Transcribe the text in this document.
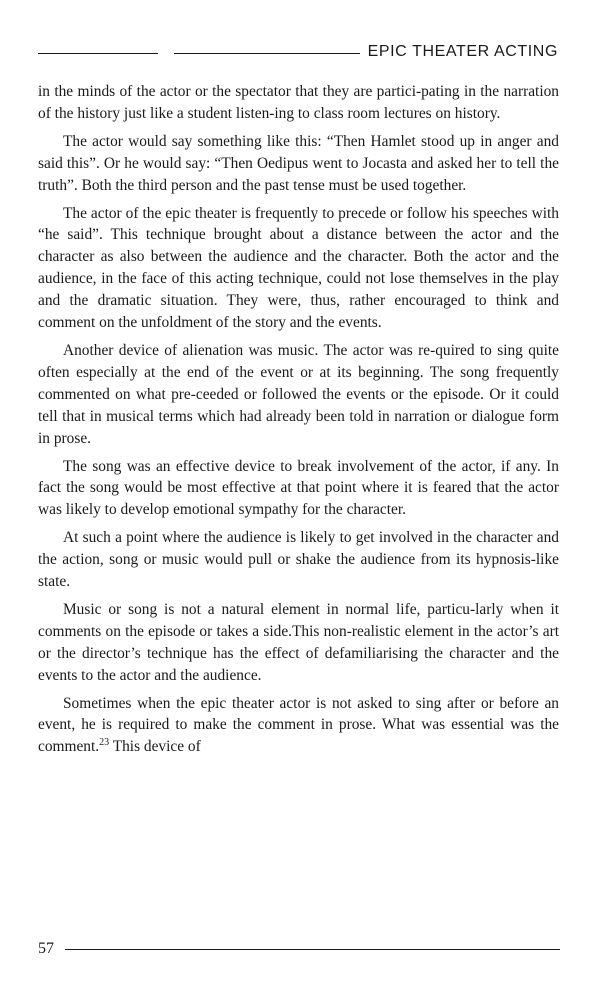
EPIC THEATER ACTING

in the minds of the actor or the spectator that they are partici-pating in the narration of the history just like a student listen-ing to class room lectures on history.

The actor would say something like this: “Then Hamlet stood up in anger and said this”. Or he would say: “Then Oedipus went to Jocasta and asked her to tell the truth”. Both the third person and the past tense must be used together.

The actor of the epic theater is frequently to precede or follow his speeches with “he said”. This technique brought about a distance between the actor and the character as also between the audience and the character. Both the actor and the audience, in the face of this acting technique, could not lose themselves in the play and the dramatic situation. They were, thus, rather encouraged to think and comment on the unfoldment of the story and the events.

Another device of alienation was music. The actor was re-quired to sing quite often especially at the end of the event or at its beginning. The song frequently commented on what pre-ceeded or followed the events or the episode. Or it could tell that in musical terms which had already been told in narration or dialogue form in prose.

The song was an effective device to break involvement of the actor, if any. In fact the song would be most effective at that point where it is feared that the actor was likely to develop emotional sympathy for the character.

At such a point where the audience is likely to get involved in the character and the action, song or music would pull or shake the audience from its hypnosis-like state.

Music or song is not a natural element in normal life, particu-larly when it comments on the episode or takes a side.This non-realistic element in the actor’s art or the director’s technique has the effect of defamiliarising the character and the events to the actor and the audience.

Sometimes when the epic theater actor is not asked to sing after or before an event, he is required to make the comment in prose. What was essential was the comment.$^{23}$ This device of

57
